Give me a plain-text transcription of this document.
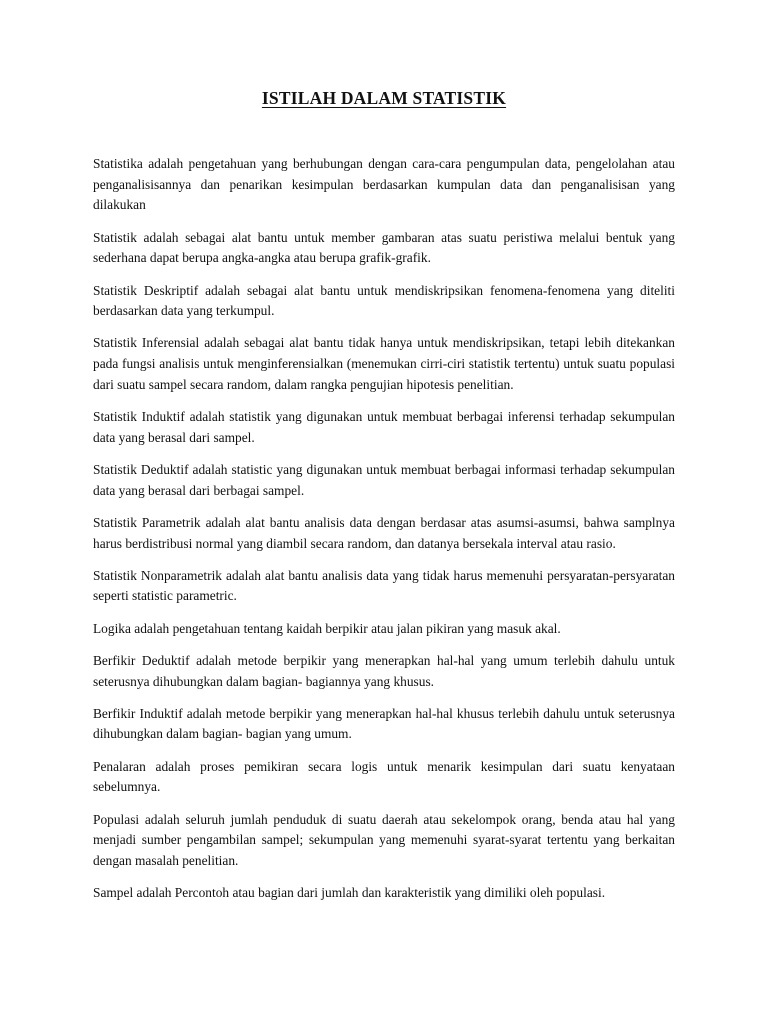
ISTILAH DALAM STATISTIK

Statistika adalah pengetahuan yang berhubungan dengan cara-cara pengumpulan data, pengelolahan atau penganalisisannya dan penarikan kesimpulan berdasarkan kumpulan data dan penganalisisan yang dilakukan

Statistik adalah sebagai alat bantu untuk member gambaran atas suatu peristiwa melalui bentuk yang sederhana dapat berupa angka-angka atau berupa grafik-grafik.

Statistik Deskriptif adalah sebagai alat bantu untuk mendiskripsikan fenomena-fenomena yang diteliti berdasarkan data yang terkumpul.

Statistik Inferensial adalah sebagai alat bantu tidak hanya untuk mendiskripsikan, tetapi lebih ditekankan pada fungsi analisis untuk menginferensialkan (menemukan cirri-ciri statistik tertentu) untuk suatu populasi dari suatu sampel secara random, dalam rangka pengujian hipotesis penelitian.

Statistik Induktif adalah statistik yang digunakan untuk membuat berbagai inferensi terhadap sekumpulan data yang berasal dari sampel.

Statistik Deduktif adalah statistic yang digunakan untuk membuat berbagai informasi terhadap sekumpulan data yang berasal dari berbagai sampel.

Statistik Parametrik adalah alat bantu analisis data dengan berdasar atas asumsi-asumsi, bahwa samplnya harus berdistribusi normal yang diambil secara random, dan datanya bersekala interval atau rasio.

Statistik Nonparametrik adalah alat bantu analisis data yang tidak harus memenuhi persyaratan-persyaratan seperti statistic parametric.

Logika adalah pengetahuan tentang kaidah berpikir atau jalan pikiran yang masuk akal.

Berfikir Deduktif adalah metode berpikir yang menerapkan hal-hal yang umum terlebih dahulu untuk seterusnya dihubungkan dalam bagian- bagiannya yang khusus.

Berfikir Induktif adalah metode berpikir yang menerapkan hal-hal khusus terlebih dahulu untuk seterusnya dihubungkan dalam bagian- bagian yang umum.

Penalaran adalah proses pemikiran secara logis untuk menarik kesimpulan dari suatu kenyataan sebelumnya.

Populasi adalah seluruh jumlah penduduk di suatu daerah atau sekelompok orang, benda atau hal yang menjadi sumber pengambilan sampel; sekumpulan yang memenuhi syarat-syarat tertentu yang berkaitan dengan masalah penelitian.

Sampel adalah Percontoh atau bagian dari jumlah dan karakteristik yang dimiliki oleh populasi.
